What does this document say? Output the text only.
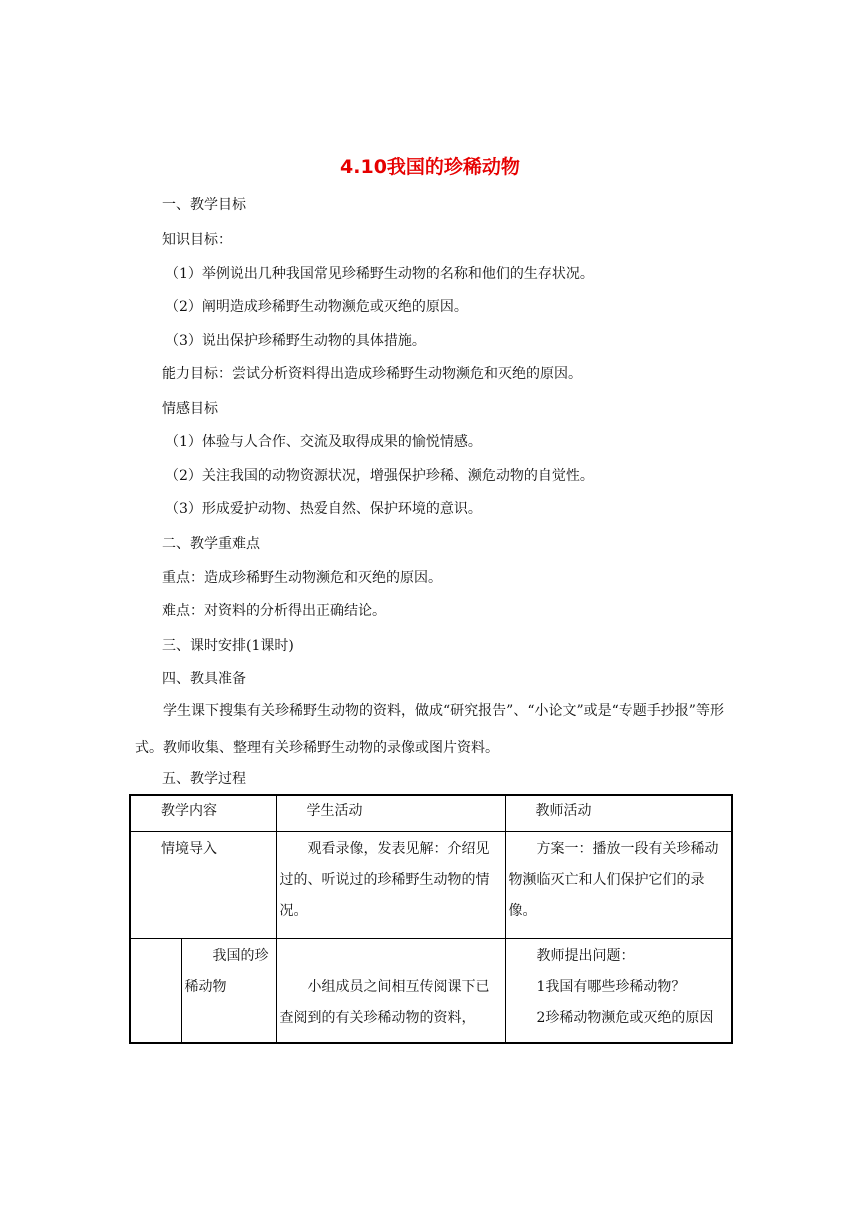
4.10我国的珍稀动物
一、教学目标
知识目标：
（1）举例说出几种我国常见珍稀野生动物的名称和他们的生存状况。
（2）阐明造成珍稀野生动物濒危或灭绝的原因。
（3）说出保护珍稀野生动物的具体措施。
能力目标：尝试分析资料得出造成珍稀野生动物濒危和灭绝的原因。
情感目标
（1）体验与人合作、交流及取得成果的愉悦情感。
（2）关注我国的动物资源状况，增强保护珍稀、濒危动物的自觉性。
（3）形成爱护动物、热爱自然、保护环境的意识。
二、教学重难点
重点：造成珍稀野生动物濒危和灭绝的原因。
难点：对资料的分析得出正确结论。
三、课时安排(1课时)
四、教具准备
学生课下搜集有关珍稀野生动物的资料，做成“研究报告”、“小论文”或是“专题手抄报”等形式。教师收集、整理有关珍稀野生动物的录像或图片资料。
五、教学过程
教学内容		学生活动	教师活动
情境导入		观看录像，发表见解：介绍见过的、听说过的珍稀野生动物的情况。	方案一：播放一段有关珍稀动物濒临灭亡和人们保护它们的录像。
	我国的珍稀动物	小组成员之间相互传阅课下已查阅到的有关珍稀动物的资料，	教师提出问题：
1我国有哪些珍稀动物？
2珍稀动物濒危或灭绝的原因
